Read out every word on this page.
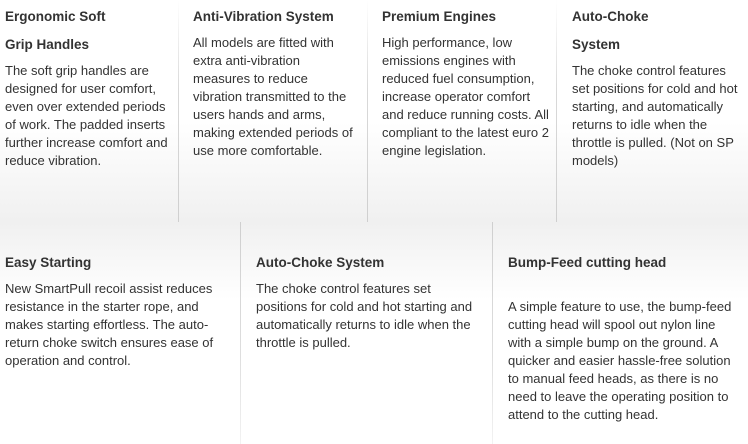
Ergonomic Soft
Grip Handles
The soft grip handles are designed for user comfort, even over extended periods of work. The padded inserts further increase comfort and reduce vibration.
Anti-Vibration System
All models are fitted with extra anti-vibration measures to reduce vibration transmitted to the users hands and arms, making extended periods of use more comfortable.
Premium Engines
High performance, low emissions engines with reduced fuel consumption, increase operator comfort and reduce running costs. All compliant to the latest euro 2 engine legislation.
Auto-Choke
System
The choke control features set positions for cold and hot starting, and automatically returns to idle when the throttle is pulled. (Not on SP models)
Easy Starting
New SmartPull recoil assist reduces resistance in the starter rope, and makes starting effortless. The auto-return choke switch ensures ease of operation and control.
Auto-Choke System
The choke control features set positions for cold and hot starting and automatically returns to idle when the throttle is pulled.
Bump-Feed cutting head
A simple feature to use, the bump-feed cutting head will spool out nylon line with a simple bump on the ground. A quicker and easier hassle-free solution to manual feed heads, as there is no need to leave the operating position to attend to the cutting head.
